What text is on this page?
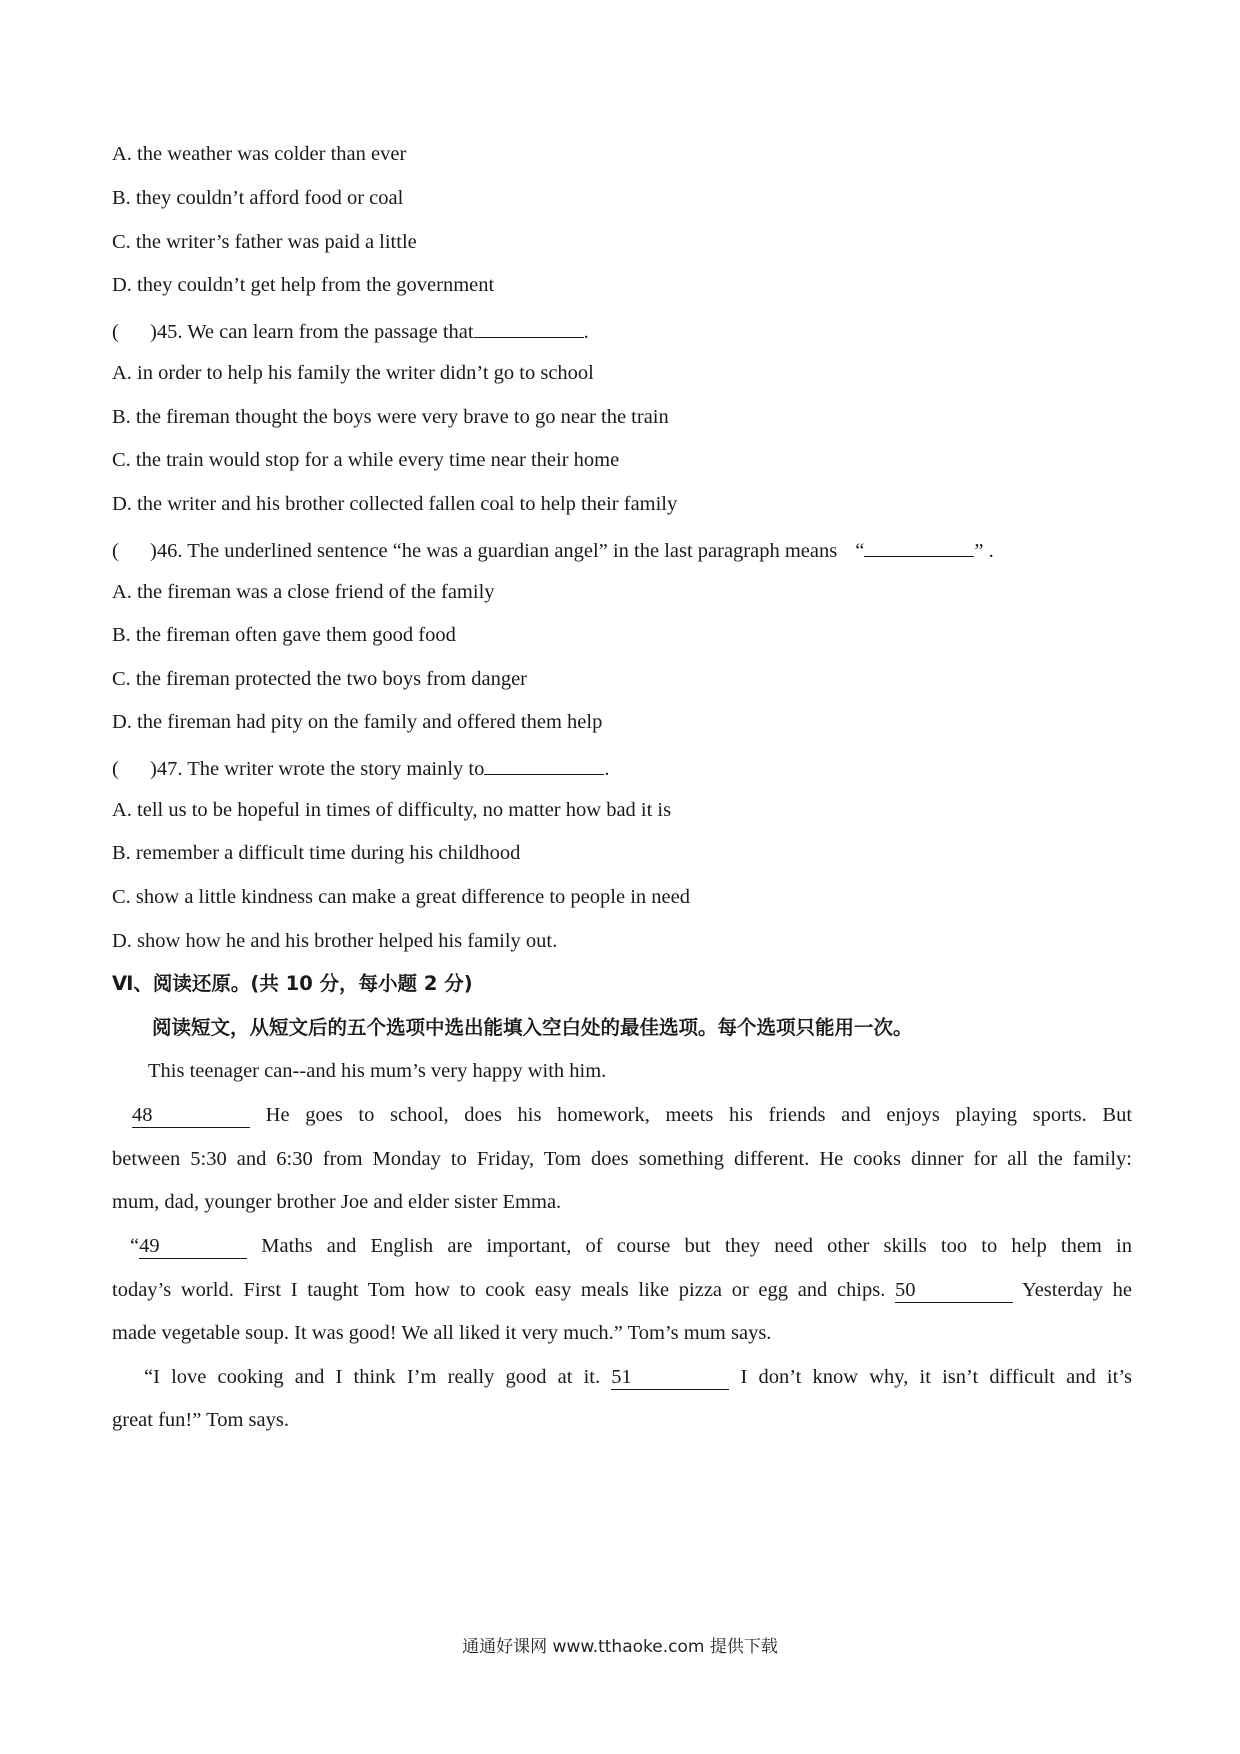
A. the weather was colder than ever
B. they couldn’t afford food or coal
C. the writer’s father was paid a little
D. they couldn’t get help from the government
( )45. We can learn from the passage that	.
A. in order to help his family the writer didn’t go to school
B. the fireman thought the boys were very brave to go near the train
C. the train would stop for a while every time near their home
D. the writer and his brother collected fallen coal to help their family
( )46. The underlined sentence “he was a guardian angel” in the last paragraph means “	” .
A. the fireman was a close friend of the family
B. the fireman often gave them good food
C. the fireman protected the two boys from danger
D. the fireman had pity on the family and offered them help
( )47. The writer wrote the story mainly to	.
A. tell us to be hopeful in times of difficulty, no matter how bad it is
B. remember a difficult time during his childhood
C. show a little kindness can make a great difference to people in need
D. show how he and his brother helped his family out.
Ⅵ、阅读还原。(共 10 分，每小题 2 分)
阅读短文，从短文后的五个选项中选出能填入空白处的最佳选项。每个选项只能用一次。
This teenager can--and his mum’s very happy with him.
48	He goes to school, does his homework, meets his friends and enjoys playing sports. But
between 5:30 and 6:30 from Monday to Friday, Tom does something different. He cooks dinner for all the family:
mum, dad, younger brother Joe and elder sister Emma.
“49	Maths and English are important, of course but they need other skills too to help them in
today’s world. First I taught Tom how to cook easy meals like pizza or egg and chips. 50	Yesterday he
made vegetable soup. It was good! We all liked it very much.” Tom’s mum says.
“I love cooking and I think I’m really good at it. 51	I don’t know why, it isn’t difficult and it’s
great fun!” Tom says.
通通好课网 www.tthaoke.com 提供下载
